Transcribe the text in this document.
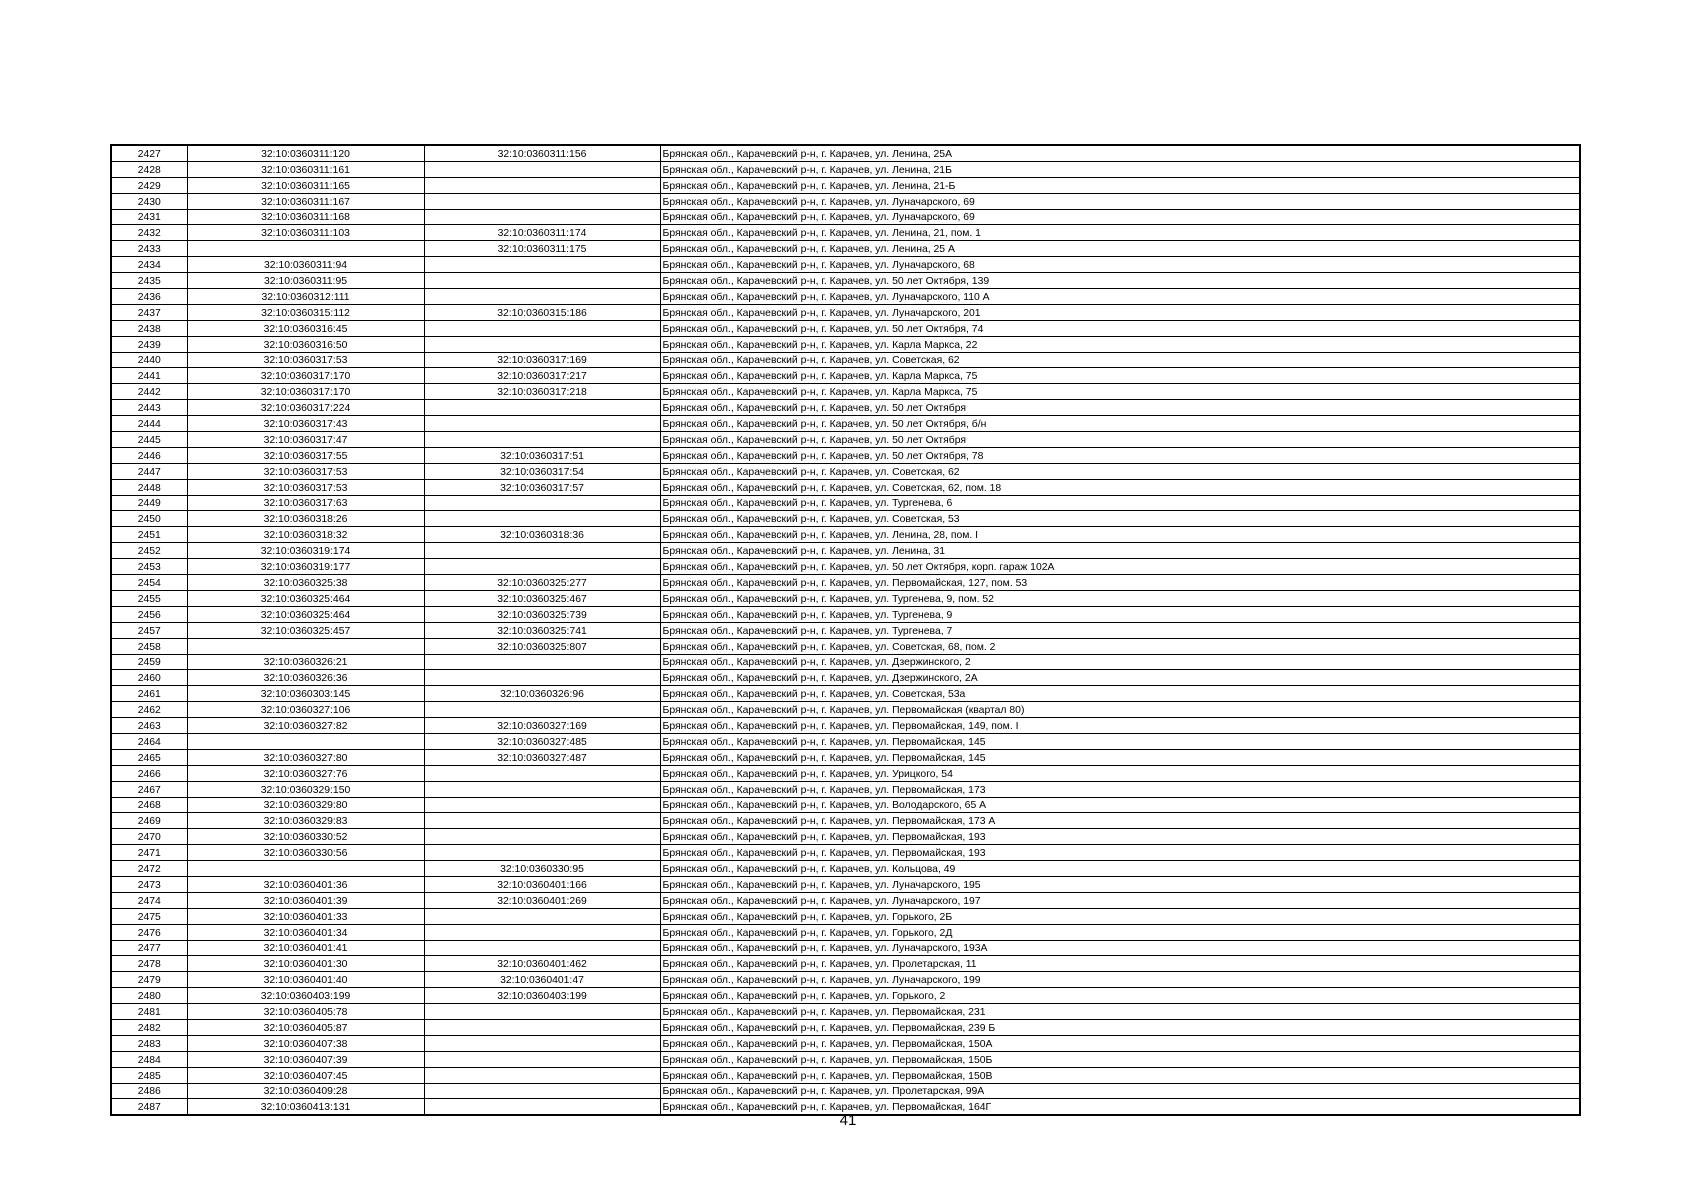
2427	32:10:0360311:120	32:10:0360311:156	Брянская обл., Карачевский р-н, г. Карачев, ул. Ленина, 25А
2428	32:10:0360311:161		Брянская обл., Карачевский р-н, г. Карачев, ул. Ленина, 21Б
2429	32:10:0360311:165		Брянская обл., Карачевский р-н, г. Карачев, ул. Ленина, 21-Б
2430	32:10:0360311:167		Брянская обл., Карачевский р-н, г. Карачев, ул. Луначарского, 69
2431	32:10:0360311:168		Брянская обл., Карачевский р-н, г. Карачев, ул. Луначарского, 69
2432	32:10:0360311:103	32:10:0360311:174	Брянская обл., Карачевский р-н, г. Карачев, ул. Ленина, 21, пом. 1
2433		32:10:0360311:175	Брянская обл., Карачевский р-н, г. Карачев, ул. Ленина, 25 А
2434	32:10:0360311:94		Брянская обл., Карачевский р-н, г. Карачев, ул. Луначарского, 68
2435	32:10:0360311:95		Брянская обл., Карачевский р-н, г. Карачев, ул. 50 лет Октября, 139
2436	32:10:0360312:111		Брянская обл., Карачевский р-н, г. Карачев, ул. Луначарского, 110 А
2437	32:10:0360315:112	32:10:0360315:186	Брянская обл., Карачевский р-н, г. Карачев, ул. Луначарского, 201
2438	32:10:0360316:45		Брянская обл., Карачевский р-н, г. Карачев, ул. 50 лет Октября, 74
2439	32:10:0360316:50		Брянская обл., Карачевский р-н, г. Карачев, ул. Карла Маркса, 22
2440	32:10:0360317:53	32:10:0360317:169	Брянская обл., Карачевский р-н, г. Карачев, ул. Советская, 62
2441	32:10:0360317:170	32:10:0360317:217	Брянская обл., Карачевский р-н, г. Карачев, ул. Карла Маркса, 75
2442	32:10:0360317:170	32:10:0360317:218	Брянская обл., Карачевский р-н, г. Карачев, ул. Карла Маркса, 75
2443	32:10:0360317:224		Брянская обл., Карачевский р-н, г. Карачев, ул. 50 лет Октября
2444	32:10:0360317:43		Брянская обл., Карачевский р-н, г. Карачев, ул. 50 лет Октября, б/н
2445	32:10:0360317:47		Брянская обл., Карачевский р-н, г. Карачев, ул. 50 лет Октября
2446	32:10:0360317:55	32:10:0360317:51	Брянская обл., Карачевский р-н, г. Карачев, ул. 50 лет Октября, 78
2447	32:10:0360317:53	32:10:0360317:54	Брянская обл., Карачевский р-н, г. Карачев, ул. Советская, 62
2448	32:10:0360317:53	32:10:0360317:57	Брянская обл., Карачевский р-н, г. Карачев, ул. Советская, 62, пом. 18
2449	32:10:0360317:63		Брянская обл., Карачевский р-н, г. Карачев, ул. Тургенева, 6
2450	32:10:0360318:26		Брянская обл., Карачевский р-н, г. Карачев, ул. Советская, 53
2451	32:10:0360318:32	32:10:0360318:36	Брянская обл., Карачевский р-н, г. Карачев, ул. Ленина, 28, пом. I
2452	32:10:0360319:174		Брянская обл., Карачевский р-н, г. Карачев, ул. Ленина, 31
2453	32:10:0360319:177		Брянская обл., Карачевский р-н, г. Карачев, ул. 50 лет Октября, корп. гараж 102А
2454	32:10:0360325:38	32:10:0360325:277	Брянская обл., Карачевский р-н, г. Карачев, ул. Первомайская, 127, пом. 53
2455	32:10:0360325:464	32:10:0360325:467	Брянская обл., Карачевский р-н, г. Карачев, ул. Тургенева, 9, пом. 52
2456	32:10:0360325:464	32:10:0360325:739	Брянская обл., Карачевский р-н, г. Карачев, ул. Тургенева, 9
2457	32:10:0360325:457	32:10:0360325:741	Брянская обл., Карачевский р-н, г. Карачев, ул. Тургенева, 7
2458		32:10:0360325:807	Брянская обл., Карачевский р-н, г. Карачев, ул. Советская, 68, пом. 2
2459	32:10:0360326:21		Брянская обл., Карачевский р-н, г. Карачев, ул. Дзержинского, 2
2460	32:10:0360326:36		Брянская обл., Карачевский р-н, г. Карачев, ул. Дзержинского, 2А
2461	32:10:0360303:145	32:10:0360326:96	Брянская обл., Карачевский р-н, г. Карачев, ул. Советская, 53а
2462	32:10:0360327:106		Брянская обл., Карачевский р-н, г. Карачев, ул. Первомайская (квартал 80)
2463	32:10:0360327:82	32:10:0360327:169	Брянская обл., Карачевский р-н, г. Карачев, ул. Первомайская, 149, пом. I
2464		32:10:0360327:485	Брянская обл., Карачевский р-н, г. Карачев, ул. Первомайская, 145
2465	32:10:0360327:80	32:10:0360327:487	Брянская обл., Карачевский р-н, г. Карачев, ул. Первомайская, 145
2466	32:10:0360327:76		Брянская обл., Карачевский р-н, г. Карачев, ул. Урицкого, 54
2467	32:10:0360329:150		Брянская обл., Карачевский р-н, г. Карачев, ул. Первомайская, 173
2468	32:10:0360329:80		Брянская обл., Карачевский р-н, г. Карачев, ул. Володарского, 65 А
2469	32:10:0360329:83		Брянская обл., Карачевский р-н, г. Карачев, ул. Первомайская, 173 А
2470	32:10:0360330:52		Брянская обл., Карачевский р-н, г. Карачев, ул. Первомайская, 193
2471	32:10:0360330:56		Брянская обл., Карачевский р-н, г. Карачев, ул. Первомайская, 193
2472		32:10:0360330:95	Брянская обл., Карачевский р-н, г. Карачев, ул. Кольцова, 49
2473	32:10:0360401:36	32:10:0360401:166	Брянская обл., Карачевский р-н, г. Карачев, ул. Луначарского, 195
2474	32:10:0360401:39	32:10:0360401:269	Брянская обл., Карачевский р-н, г. Карачев, ул. Луначарского, 197
2475	32:10:0360401:33		Брянская обл., Карачевский р-н, г. Карачев, ул. Горького, 2Б
2476	32:10:0360401:34		Брянская обл., Карачевский р-н, г. Карачев, ул. Горького, 2Д
2477	32:10:0360401:41		Брянская обл., Карачевский р-н, г. Карачев, ул. Луначарского, 193А
2478	32:10:0360401:30	32:10:0360401:462	Брянская обл., Карачевский р-н, г. Карачев, ул. Пролетарская, 11
2479	32:10:0360401:40	32:10:0360401:47	Брянская обл., Карачевский р-н, г. Карачев, ул. Луначарского, 199
2480	32:10:0360403:199	32:10:0360403:199	Брянская обл., Карачевский р-н, г. Карачев, ул. Горького, 2
2481	32:10:0360405:78		Брянская обл., Карачевский р-н, г. Карачев, ул. Первомайская, 231
2482	32:10:0360405:87		Брянская обл., Карачевский р-н, г. Карачев, ул. Первомайская, 239 Б
2483	32:10:0360407:38		Брянская обл., Карачевский р-н, г. Карачев, ул. Первомайская, 150А
2484	32:10:0360407:39		Брянская обл., Карачевский р-н, г. Карачев, ул. Первомайская, 150Б
2485	32:10:0360407:45		Брянская обл., Карачевский р-н, г. Карачев, ул. Первомайская, 150В
2486	32:10:0360409:28		Брянская обл., Карачевский р-н, г. Карачев, ул. Пролетарская, 99А
2487	32:10:0360413:131		Брянская обл., Карачевский р-н, г. Карачев, ул. Первомайская, 164Г
41
